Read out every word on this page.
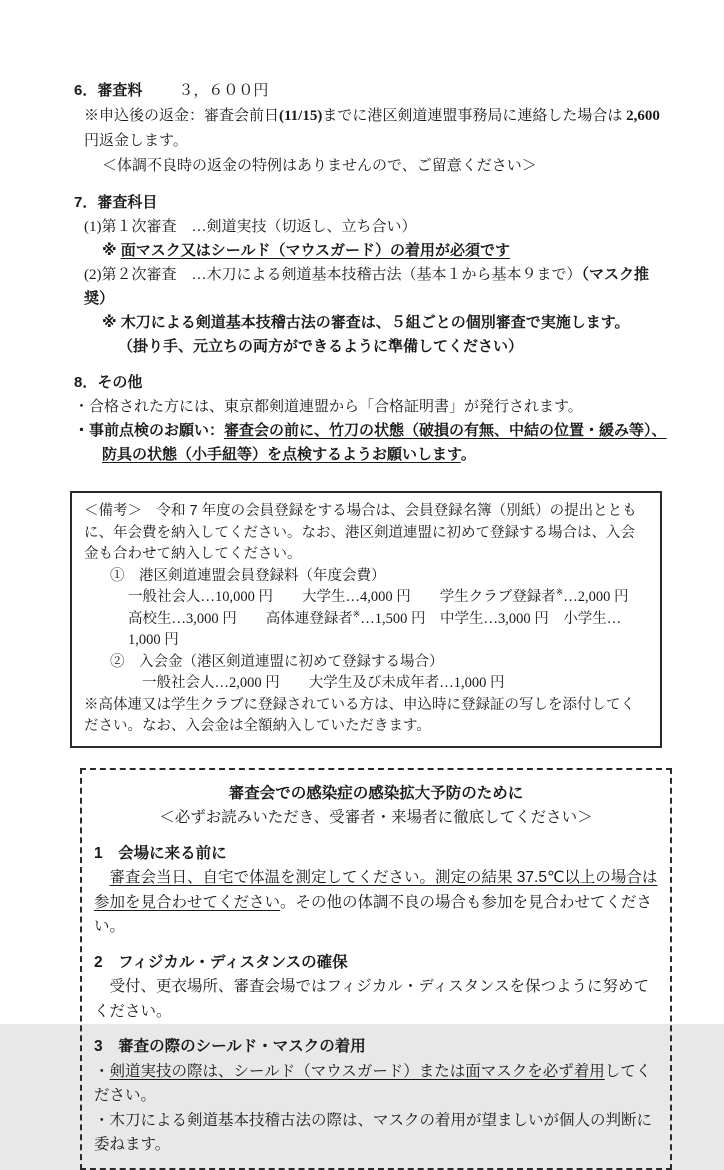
6．審査料 ３，６００円

※申込後の返金：審査会前日(11/15)までに港区剣道連盟事務局に連絡した場合は 2,600 円返金します。

＜体調不良時の返金の特例はありませんので、ご留意ください＞

7．審査科目

(1)第１次審査　…剣道実技（切返し、立ち合い）

※ 面マスク又はシールド（マウスガード）の着用が必須です

(2)第２次審査　…木刀による剣道基本技稽古法（基本１から基本９まで）（マスク推奨）

※ 木刀による剣道基本技稽古法の審査は、５組ごとの個別審査で実施します。

（掛り手、元立ちの両方ができるように準備してください）

8．その他

・合格された方には、東京都剣道連盟から「合格証明書」が発行されます。

・事前点検のお願い：審査会の前に、竹刀の状態（破損の有無、中結の位置・緩み等）、

防具の状態（小手紐等）を点検するようお願いします。

＜備考＞　令和 7 年度の会員登録をする場合は、会員登録名簿（別紙）の提出とともに、年会費を納入してください。なお、港区剣道連盟に初めて登録する場合は、入会金も合わせて納入してください。

①　港区剣道連盟会員登録料（年度会費）

一般社会人…10,000 円　　大学生…4,000 円　　学生クラブ登録者※…2,000 円

高校生…3,000 円　　高体連登録者※…1,500 円　中学生…3,000 円　小学生…1,000 円

②　入会金（港区剣道連盟に初めて登録する場合）

一般社会人…2,000 円　　大学生及び未成年者…1,000 円

※高体連又は学生クラブに登録されている方は、申込時に登録証の写しを添付してください。なお、入会金は全額納入していただきます。

審査会での感染症の感染拡大予防のために

＜必ずお読みいただき、受審者・来場者に徹底してください＞

1　会場に来る前に

審査会当日、自宅で体温を測定してください。測定の結果 37.5℃以上の場合は参加を見合わせてください。その他の体調不良の場合も参加を見合わせてください。

2　フィジカル・ディスタンスの確保

受付、更衣場所、審査会場ではフィジカル・ディスタンスを保つように努めてください。

3　審査の際のシールド・マスクの着用

・剣道実技の際は、シールド（マウスガード）または面マスクを必ず着用してください。

・木刀による剣道基本技稽古法の際は、マスクの着用が望ましいが個人の判断に委ねます。
